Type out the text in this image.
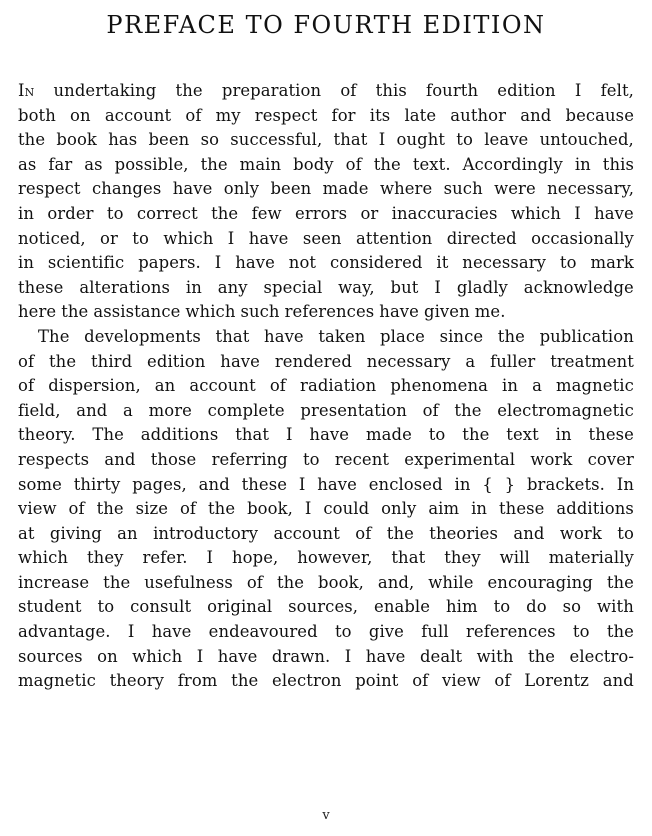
PREFACE TO FOURTH EDITION
In undertaking the preparation of this fourth edition I felt,
both on account of my respect for its late author and because
the book has been so successful, that I ought to leave untouched,
as far as possible, the main body of the text. Accordingly in this
respect changes have only been made where such were necessary,
in order to correct the few errors or inaccuracies which I have
noticed, or to which I have seen attention directed occasionally
in scientific papers. I have not considered it necessary to mark
these alterations in any special way, but I gladly acknowledge
here the assistance which such references have given me.
The developments that have taken place since the publication
of the third edition have rendered necessary a fuller treatment
of dispersion, an account of radiation phenomena in a magnetic
field, and a more complete presentation of the electromagnetic
theory. The additions that I have made to the text in these
respects and those referring to recent experimental work cover
some thirty pages, and these I have enclosed in { } brackets. In
view of the size of the book, I could only aim in these additions
at giving an introductory account of the theories and work to
which they refer. I hope, however, that they will materially
increase the usefulness of the book, and, while encouraging the
student to consult original sources, enable him to do so with
advantage. I have endeavoured to give full references to the
sources on which I have drawn. I have dealt with the electro-
magnetic theory from the electron point of view of Lorentz and
v
